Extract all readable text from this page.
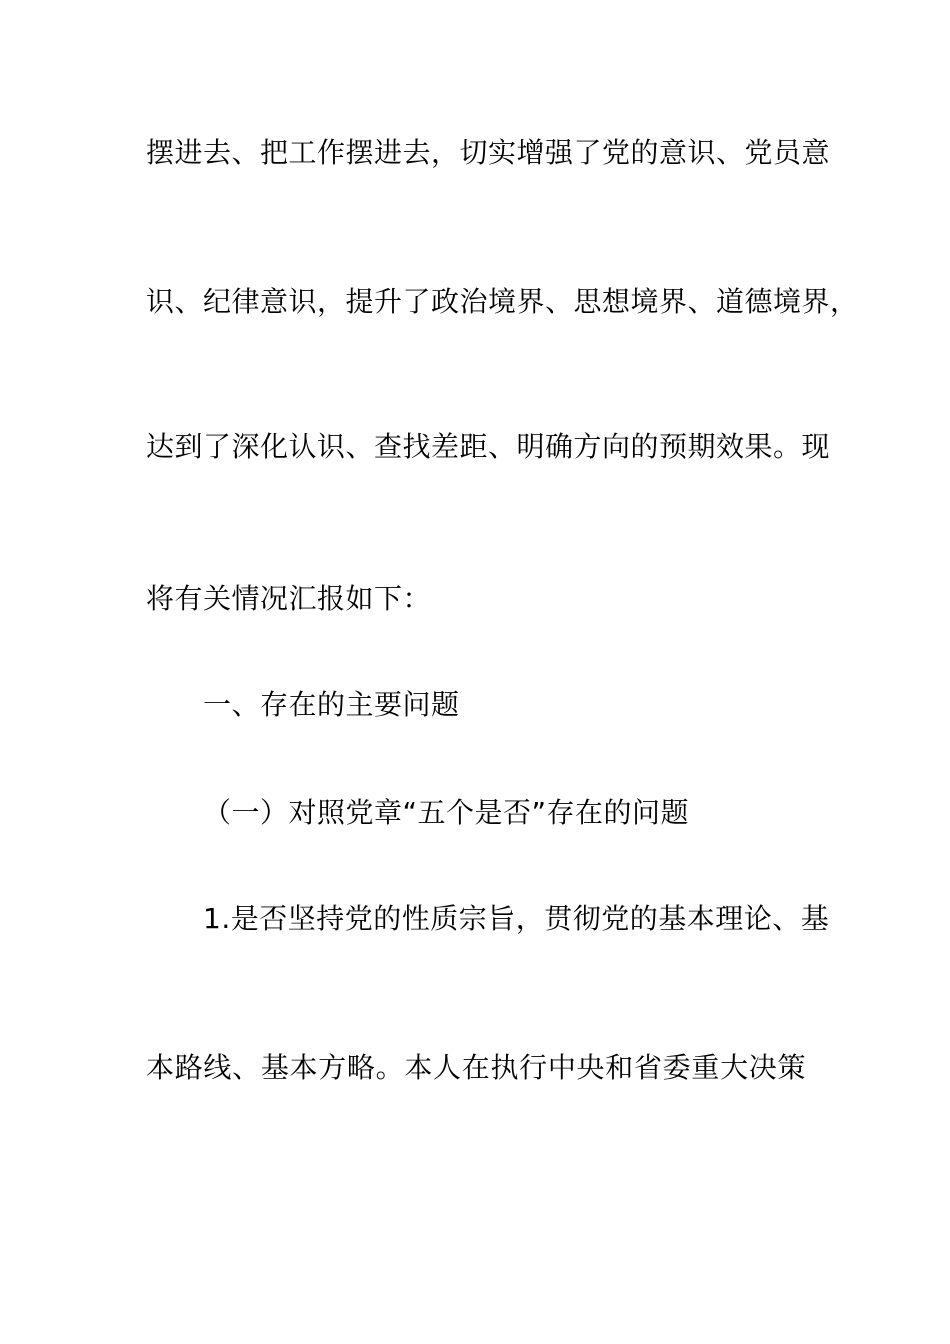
摆进去、把工作摆进去，切实增强了党的意识、党员意
识、纪律意识，提升了政治境界、思想境界、道德境界，
达到了深化认识、查找差距、明确方向的预期效果。现
将有关情况汇报如下：
一、存在的主要问题
（一）对照党章“五个是否”存在的问题
1.是否坚持党的性质宗旨，贯彻党的基本理论、基
本路线、基本方略。本人在执行中央和省委重大决策
